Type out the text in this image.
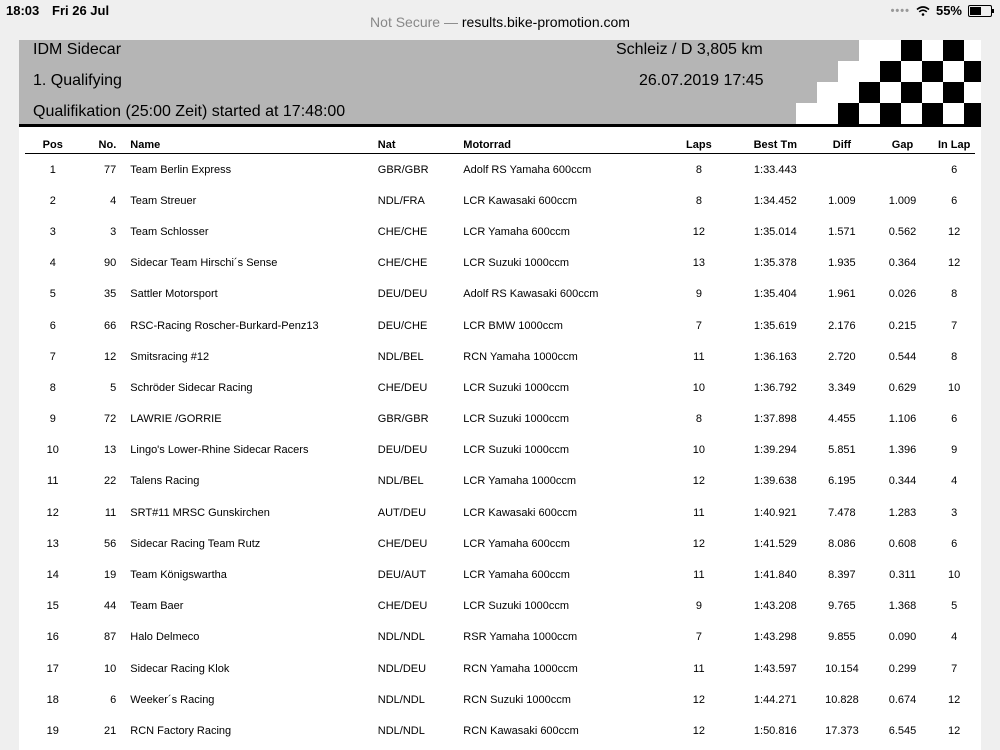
18:03 Fri 26 Jul	•••• 55%
Not Secure — results.bike-promotion.com
IDM Sidecar
1. Qualifying
Qualifikation (25:00 Zeit) started at 17:48:00
Schleiz / D 3,805 km
26.07.2019 17:45
Pos	No.	Name	Nat	Motorrad	Laps	Best Tm	Diff	Gap	In Lap
1	77	Team Berlin Express	GBR/GBR	Adolf RS Yamaha 600ccm	8	1:33.443			6
2	4	Team Streuer	NDL/FRA	LCR Kawasaki 600ccm	8	1:34.452	1.009	1.009	6
3	3	Team Schlosser	CHE/CHE	LCR Yamaha 600ccm	12	1:35.014	1.571	0.562	12
4	90	Sidecar Team Hirschi´s Sense	CHE/CHE	LCR Suzuki 1000ccm	13	1:35.378	1.935	0.364	12
5	35	Sattler Motorsport	DEU/DEU	Adolf RS Kawasaki 600ccm	9	1:35.404	1.961	0.026	8
6	66	RSC-Racing Roscher-Burkard-Penz13	DEU/CHE	LCR BMW 1000ccm	7	1:35.619	2.176	0.215	7
7	12	Smitsracing #12	NDL/BEL	RCN Yamaha 1000ccm	11	1:36.163	2.720	0.544	8
8	5	Schröder Sidecar Racing	CHE/DEU	LCR Suzuki 1000ccm	10	1:36.792	3.349	0.629	10
9	72	LAWRIE /GORRIE	GBR/GBR	LCR Suzuki 1000ccm	8	1:37.898	4.455	1.106	6
10	13	Lingo's Lower-Rhine Sidecar Racers	DEU/DEU	LCR Suzuki 1000ccm	10	1:39.294	5.851	1.396	9
11	22	Talens Racing	NDL/BEL	LCR Yamaha 1000ccm	12	1:39.638	6.195	0.344	4
12	11	SRT#11 MRSC Gunskirchen	AUT/DEU	LCR Kawasaki 600ccm	11	1:40.921	7.478	1.283	3
13	56	Sidecar Racing Team Rutz	CHE/DEU	LCR Yamaha 600ccm	12	1:41.529	8.086	0.608	6
14	19	Team Königswartha	DEU/AUT	LCR Yamaha 600ccm	11	1:41.840	8.397	0.311	10
15	44	Team Baer	CHE/DEU	LCR Suzuki 1000ccm	9	1:43.208	9.765	1.368	5
16	87	Halo Delmeco	NDL/NDL	RSR Yamaha 1000ccm	7	1:43.298	9.855	0.090	4
17	10	Sidecar Racing Klok	NDL/DEU	RCN Yamaha 1000ccm	11	1:43.597	10.154	0.299	7
18	6	Weeker´s Racing	NDL/NDL	RCN Suzuki 1000ccm	12	1:44.271	10.828	0.674	12
19	21	RCN Factory Racing	NDL/NDL	RCN Kawasaki 600ccm	12	1:50.816	17.373	6.545	12
